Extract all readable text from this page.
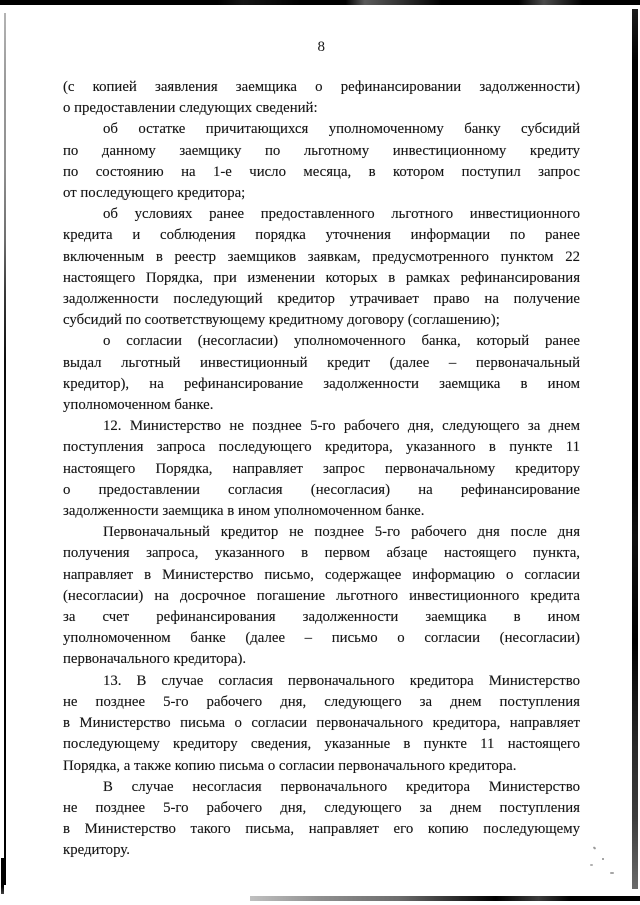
8
(с копией заявления заемщика о рефинансировании задолженности)
о предоставлении следующих сведений:
об остатке причитающихся уполномоченному банку субсидий
по данному заемщику по льготному инвестиционному кредиту
по состоянию на 1-е число месяца, в котором поступил запрос
от последующего кредитора;
об условиях ранее предоставленного льготного инвестиционного
кредита и соблюдения порядка уточнения информации по ранее
включенным в реестр заемщиков заявкам, предусмотренного пунктом 22
настоящего Порядка, при изменении которых в рамках рефинансирования
задолженности последующий кредитор утрачивает право на получение
субсидий по соответствующему кредитному договору (соглашению);
о согласии (несогласии) уполномоченного банка, который ранее
выдал льготный инвестиционный кредит (далее – первоначальный
кредитор), на рефинансирование задолженности заемщика в ином
уполномоченном банке.
12. Министерство не позднее 5-го рабочего дня, следующего за днем
поступления запроса последующего кредитора, указанного в пункте 11
настоящего Порядка, направляет запрос первоначальному кредитору
о предоставлении согласия (несогласия) на рефинансирование
задолженности заемщика в ином уполномоченном банке.
Первоначальный кредитор не позднее 5-го рабочего дня после дня
получения запроса, указанного в первом абзаце настоящего пункта,
направляет в Министерство письмо, содержащее информацию о согласии
(несогласии) на досрочное погашение льготного инвестиционного кредита
за счет рефинансирования задолженности заемщика в ином
уполномоченном банке (далее – письмо о согласии (несогласии)
первоначального кредитора).
13. В случае согласия первоначального кредитора Министерство
не позднее 5-го рабочего дня, следующего за днем поступления
в Министерство письма о согласии первоначального кредитора, направляет
последующему кредитору сведения, указанные в пункте 11 настоящего
Порядка, а также копию письма о согласии первоначального кредитора.
В случае несогласия первоначального кредитора Министерство
не позднее 5-го рабочего дня, следующего за днем поступления
в Министерство такого письма, направляет его копию последующему
кредитору.
